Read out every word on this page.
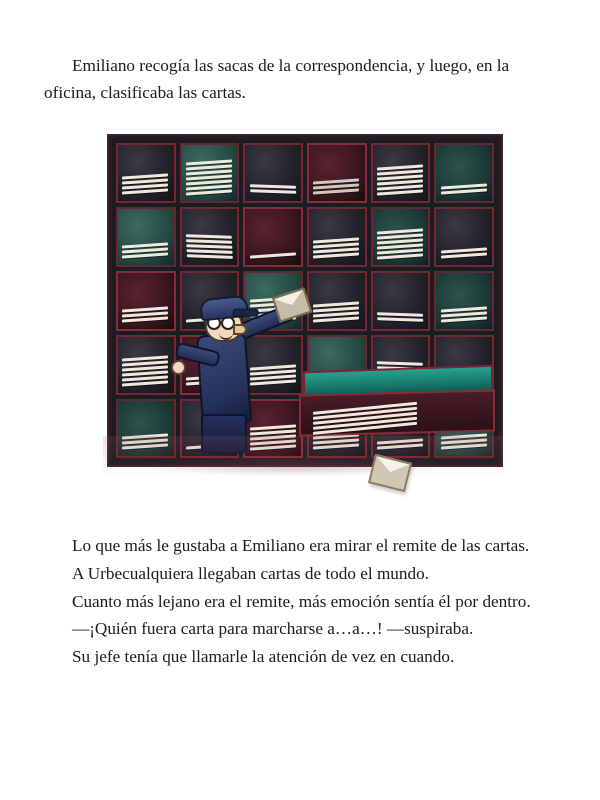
Emiliano recogía las sacas de la correspondencia, y luego, en la oficina, clasificaba las cartas.

Lo que más le gustaba a Emiliano era mirar el remite de las cartas.

A Urbecualquiera llegaban cartas de todo el mundo.

Cuanto más lejano era el remite, más emoción sentía él por dentro.

—¡Quién fuera carta para marcharse a…a…! —suspiraba.

Su jefe tenía que llamarle la atención de vez en cuando.
